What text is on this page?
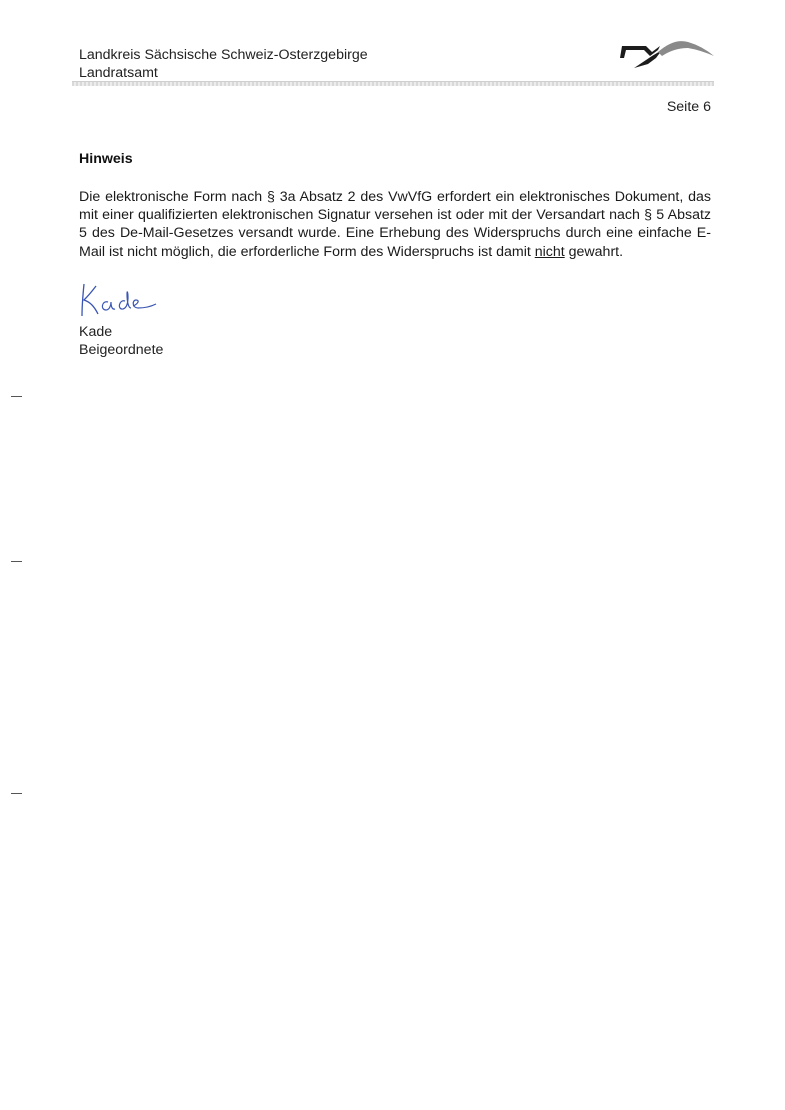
Landkreis Sächsische Schweiz-Osterzgebirge
Landratsamt
Seite 6
Hinweis
Die elektronische Form nach § 3a Absatz 2 des VwVfG erfordert ein elektronisches Dokument, das mit einer qualifizierten elektronischen Signatur versehen ist oder mit der Versandart nach § 5 Absatz 5 des De-Mail-Gesetzes versandt wurde. Eine Erhebung des Widerspruchs durch eine einfache E-Mail ist nicht möglich, die erforderliche Form des Widerspruchs ist damit nicht gewahrt.
Kade
Beigeordnete
